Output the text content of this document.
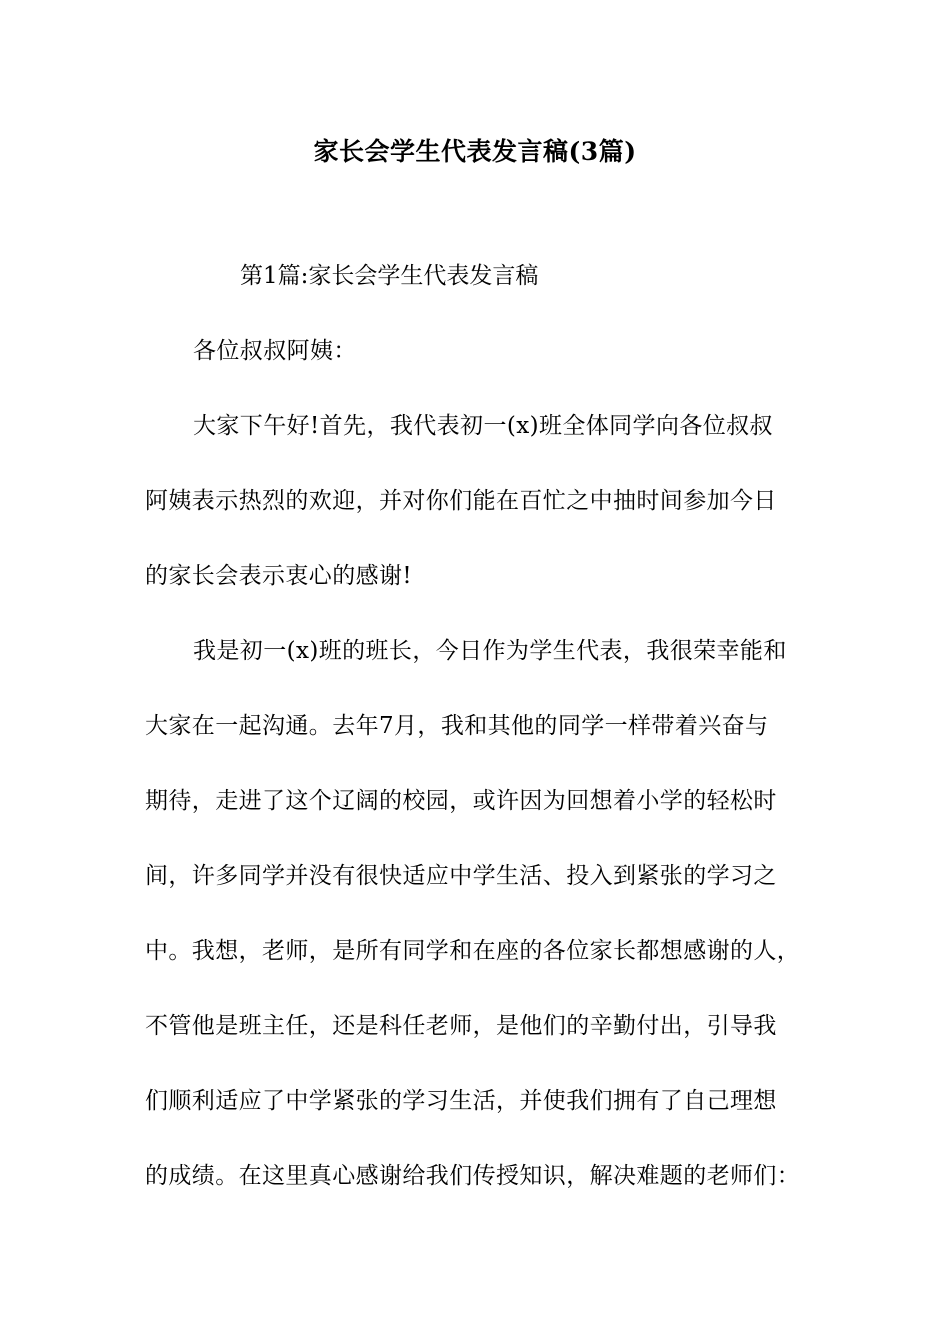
家长会学生代表发言稿(3篇)
第1篇:家长会学生代表发言稿
各位叔叔阿姨：
大家下午好!首先，我代表初一(x)班全体同学向各位叔叔
阿姨表示热烈的欢迎，并对你们能在百忙之中抽时间参加今日
的家长会表示衷心的感谢!
我是初一(x)班的班长，今日作为学生代表，我很荣幸能和
大家在一起沟通。去年7月，我和其他的同学一样带着兴奋与
期待，走进了这个辽阔的校园，或许因为回想着小学的轻松时
间，许多同学并没有很快适应中学生活、投入到紧张的学习之
中。我想，老师，是所有同学和在座的各位家长都想感谢的人，
不管他是班主任，还是科任老师，是他们的辛勤付出，引导我
们顺利适应了中学紧张的学习生活，并使我们拥有了自己理想
的成绩。在这里真心感谢给我们传授知识，解决难题的老师们：
